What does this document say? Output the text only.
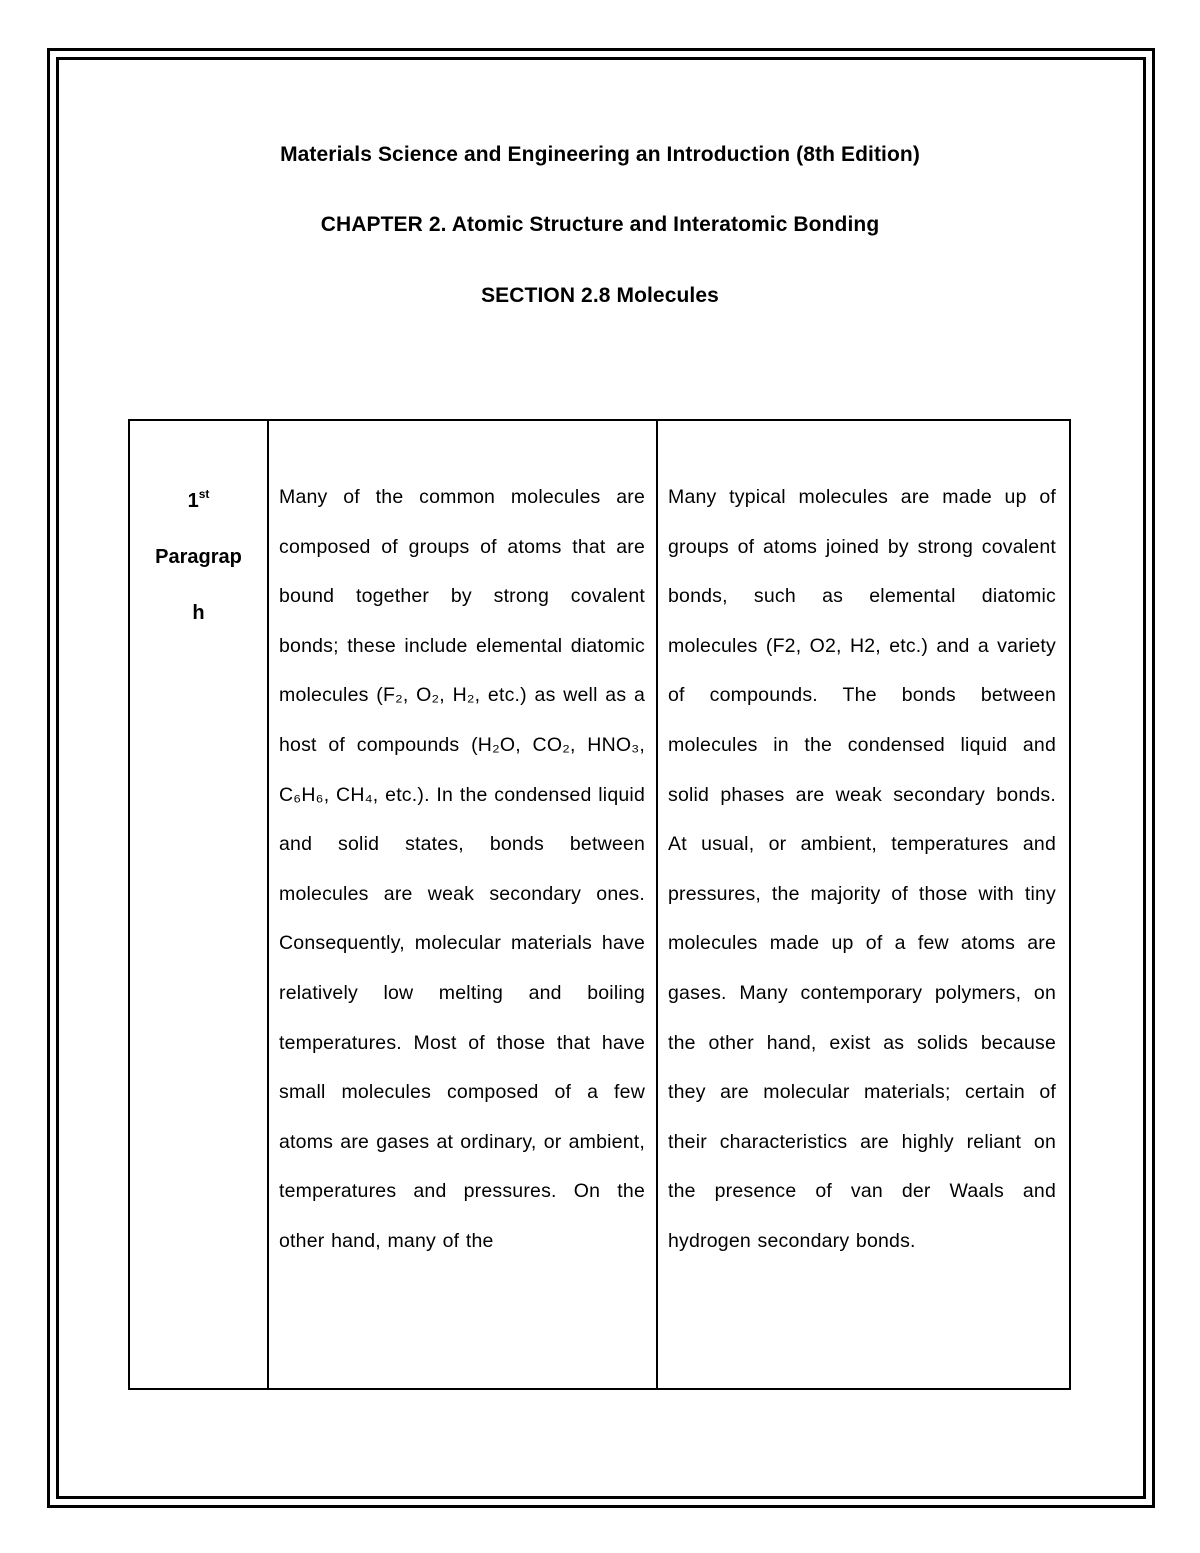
Materials Science and Engineering an Introduction (8th Edition)
CHAPTER 2. Atomic Structure and Interatomic Bonding
SECTION 2.8 Molecules
1st
Paragrap
h
Many of the common molecules are composed of groups of atoms that are bound together by strong covalent bonds; these include elemental diatomic molecules (F₂, O₂, H₂, etc.) as well as a host of compounds (H₂O, CO₂, HNO₃, C₆H₆, CH₄, etc.). In the condensed liquid and solid states, bonds between molecules are weak secondary ones. Consequently, molecular materials have relatively low melting and boiling temperatures. Most of those that have small molecules composed of a few atoms are gases at ordinary, or ambient, temperatures and pressures. On the other hand, many of the
Many typical molecules are made up of groups of atoms joined by strong covalent bonds, such as elemental diatomic molecules (F2, O2, H2, etc.) and a variety of compounds. The bonds between molecules in the condensed liquid and solid phases are weak secondary bonds. At usual, or ambient, temperatures and pressures, the majority of those with tiny molecules made up of a few atoms are gases. Many contemporary polymers, on the other hand, exist as solids because they are molecular materials; certain of their characteristics are highly reliant on the presence of van der Waals and hydrogen secondary bonds.
